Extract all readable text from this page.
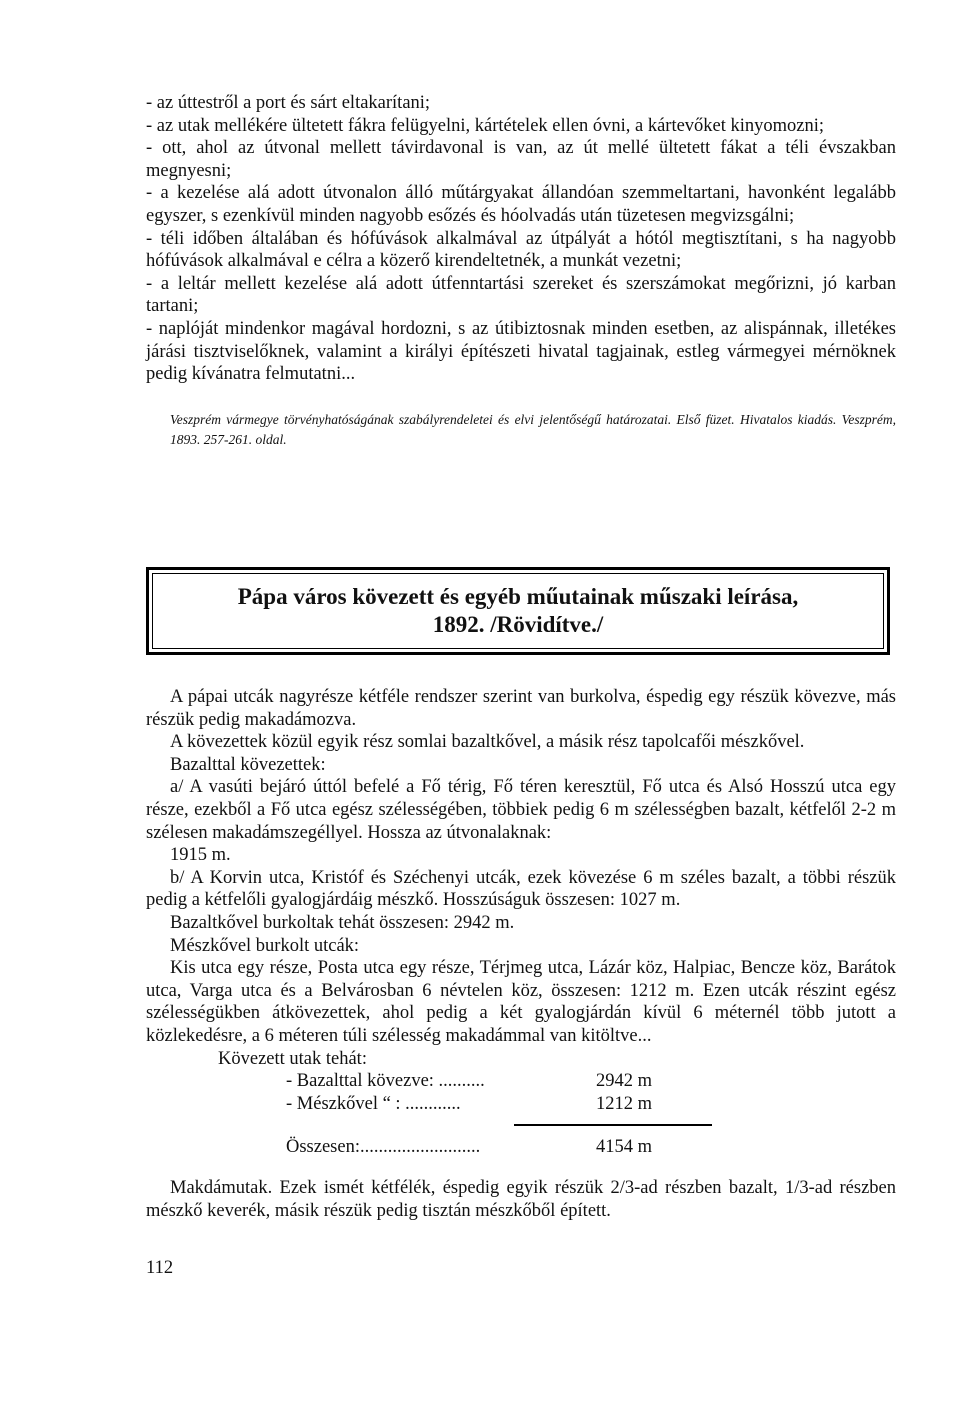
- az úttestről a port és sárt eltakarítani;

- az utak mellékére ültetett fákra felügyelni, kártételek ellen óvni, a kártevőket kinyomozni;

- ott, ahol az útvonal mellett távirdavonal is van, az út mellé ültetett fákat a téli évszakban megnyesni;

- a kezelése alá adott útvonalon álló műtárgyakat állandóan szemmeltartani, havonként legalább egyszer, s ezenkívül minden nagyobb esőzés és hóolvadás után tüzetesen megvizsgálni;

- téli időben általában és hófúvások alkalmával az útpályát a hótól megtisztítani, s ha nagyobb hófúvások alkalmával e célra a közerő kirendeltetnék, a munkát vezetni;

- a leltár mellett kezelése alá adott útfenntartási szereket és szerszámokat megőrizni, jó karban tartani;

- naplóját mindenkor magával hordozni, s az útibiztosnak minden esetben, az alispánnak, illetékes járási tisztviselőknek, valamint a királyi építészeti hivatal tagjainak, estleg vármegyei mérnöknek pedig kívánatra felmutatni...

Veszprém vármegye törvényhatóságának szabályrendeletei és elvi jelentőségű határozatai. Első füzet. Hivatalos kiadás. Veszprém, 1893. 257-261. oldal.

Pápa város kövezett és egyéb műutainak műszaki leírása,
1892. /Rövidítve./

A pápai utcák nagyrésze kétféle rendszer szerint van burkolva, éspedig egy részük kövezve, más részük pedig makadámozva.

A kövezettek közül egyik rész somlai bazaltkővel, a másik rész tapolcafői mészkővel.

Bazalttal kövezettek:

a/ A vasúti bejáró úttól befelé a Fő térig, Fő téren keresztül, Fő utca és Alsó Hosszú utca egy része, ezekből a Fő utca egész szélességében, többiek pedig 6 m szélességben bazalt, kétfelől 2-2 m szélesen makadámszegéllyel. Hossza az útvonalaknak:

1915 m.

b/ A Korvin utca, Kristóf és Széchenyi utcák, ezek kövezése 6 m széles bazalt, a többi részük pedig a kétfelőli gyalogjárdáig mészkő. Hosszúságuk összesen: 1027 m.

Bazaltkővel burkoltak tehát összesen: 2942 m.

Mészkővel burkolt utcák:

Kis utca egy része, Posta utca egy része, Térjmeg utca, Lázár köz, Halpiac, Bencze köz, Barátok utca, Varga utca és a Belvárosban 6 névtelen köz, összesen: 1212 m. Ezen utcák részint egész szélességükben átkövezettek, ahol pedig a két gyalogjárdán kívül 6 méternél több jutott a közlekedésre, a 6 méteren túli szélesség makadámmal van kitöltve...

Kövezett utak tehát:
- Bazalttal kövezve: ..........	2942 m
- Mészkővel “ : ............	1212 m
Összesen:..........................	4154 m

Makdámutak. Ezek ismét kétfélék, éspedig egyik részük 2/3-ad részben bazalt, 1/3-ad részben mészkő keverék, másik részük pedig tisztán mészkőből épített.

112
